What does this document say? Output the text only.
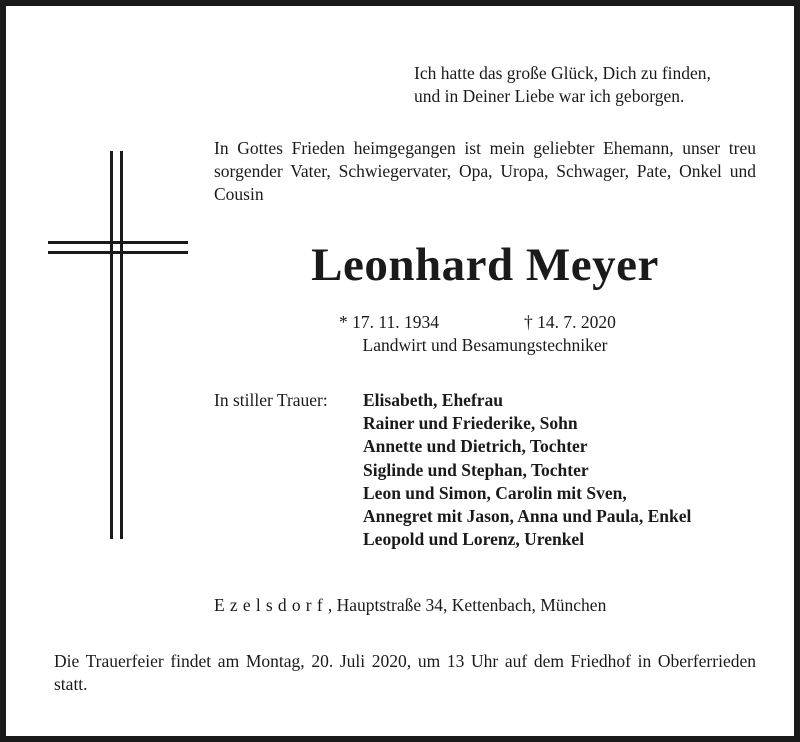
Ich hatte das große Glück, Dich zu finden,
und in Deiner Liebe war ich geborgen.
In Gottes Frieden heimgegangen ist mein geliebter Ehemann, unser treu sorgender Vater, Schwiegervater, Opa, Uropa, Schwager, Pate, Onkel und Cousin
Leonhard Meyer
* 17. 11. 1934	† 14. 7. 2020
Landwirt und Besamungstechniker
In stiller Trauer: Elisabeth, Ehefrau
Rainer und Friederike, Sohn
Annette und Dietrich, Tochter
Siglinde und Stephan, Tochter
Leon und Simon, Carolin mit Sven,
Annegret mit Jason, Anna und Paula, Enkel
Leopold und Lorenz, Urenkel
Ezelsdorf, Hauptstraße 34, Kettenbach, München
Die Trauerfeier findet am Montag, 20. Juli 2020, um 13 Uhr auf dem Friedhof in Oberferrieden statt.
